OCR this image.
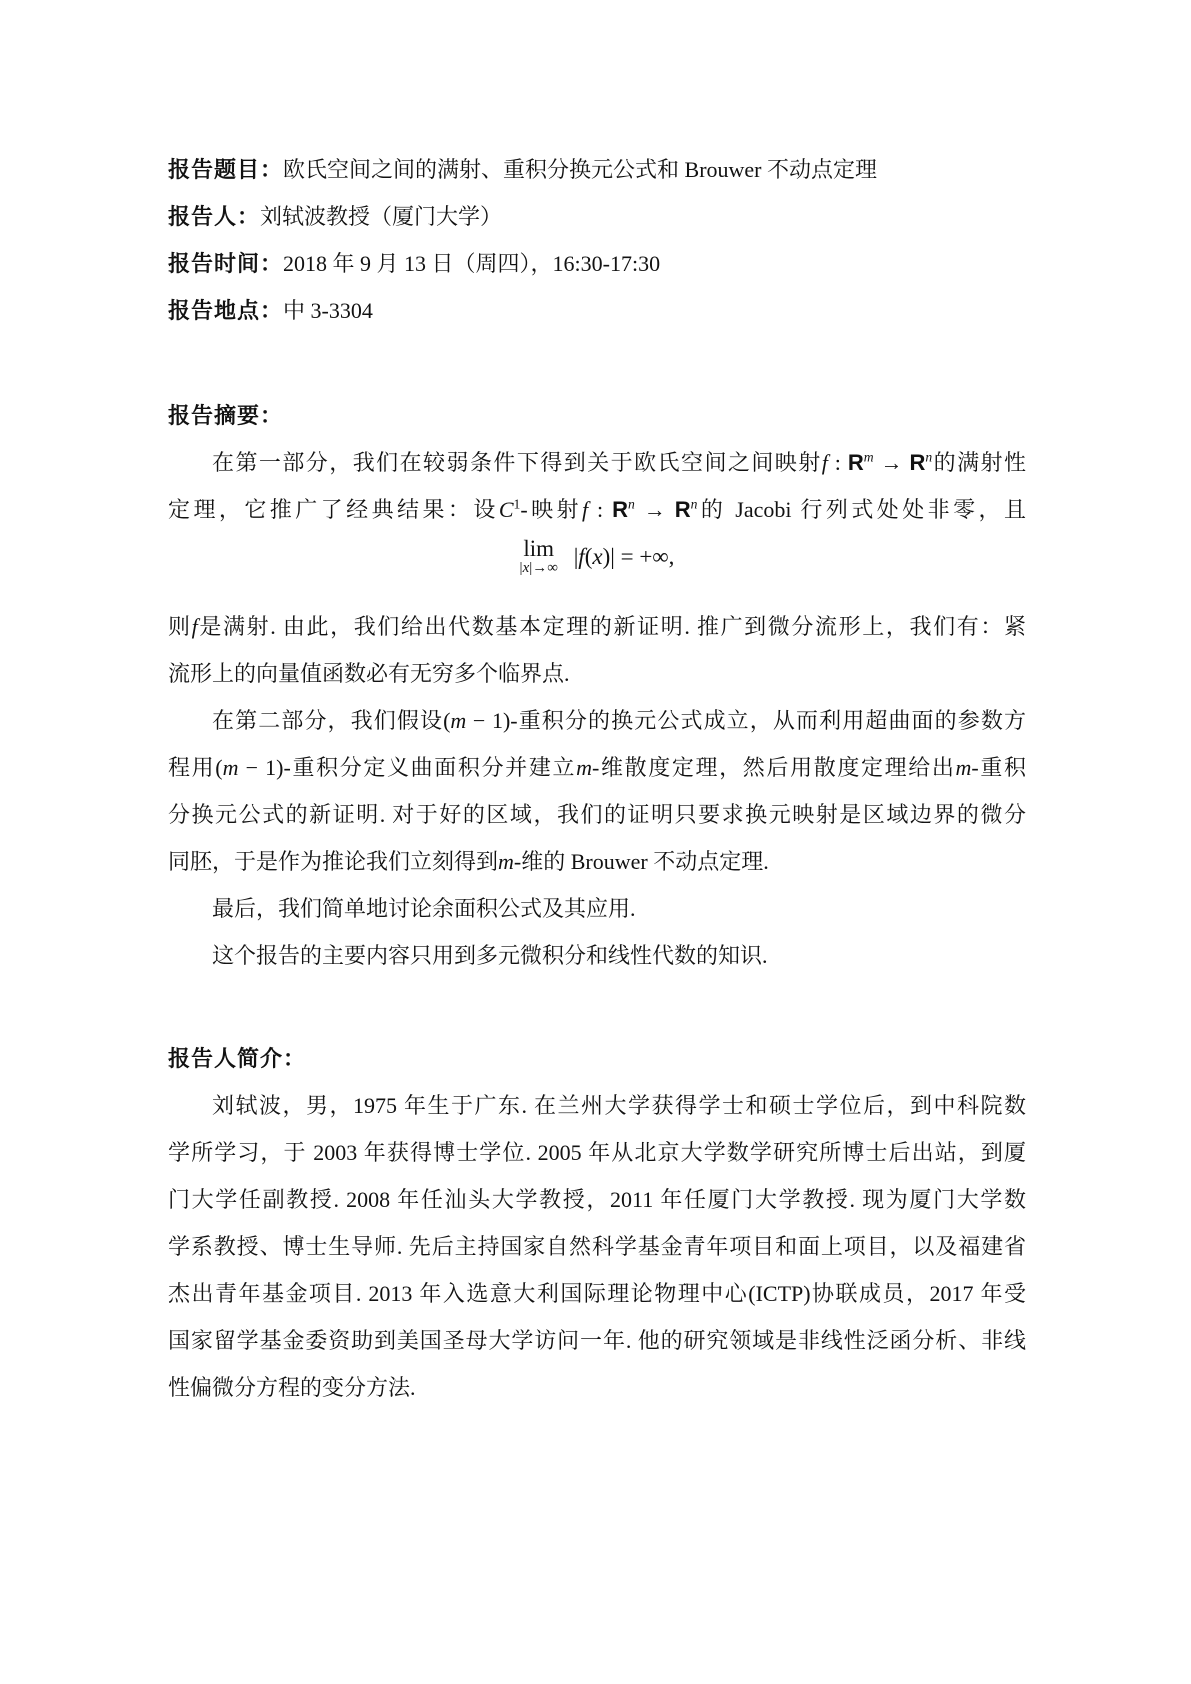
报告题目：欧氏空间之间的满射、重积分换元公式和 Brouwer 不动点定理
报告人：刘轼波教授（厦门大学）
报告时间：2018 年 9 月 13 日（周四），16:30-17:30
报告地点：中 3-3304
报告摘要：
在第一部分，我们在较弱条件下得到关于欧氏空间之间映射f : $R^m \to R^n$的满射性
定理，它推广了经典结果：设$C^1-$映射f : $R^n \to R^n$的 Jacobi 行列式处处非零，且
lim
|x|→∞ |f(x)| = +∞,
则f是满射. 由此，我们给出代数基本定理的新证明. 推广到微分流形上，我们有：紧
流形上的向量值函数必有无穷多个临界点.
在第二部分，我们假设(m − 1)-重积分的换元公式成立，从而利用超曲面的参数方
程用(m − 1)-重积分定义曲面积分并建立m-维散度定理，然后用散度定理给出m-重积
分换元公式的新证明. 对于好的区域，我们的证明只要求换元映射是区域边界的微分
同胚，于是作为推论我们立刻得到m-维的 Brouwer 不动点定理.
最后，我们简单地讨论余面积公式及其应用.
这个报告的主要内容只用到多元微积分和线性代数的知识.
报告人简介：
刘轼波，男，1975 年生于广东. 在兰州大学获得学士和硕士学位后，到中科院数
学所学习，于 2003 年获得博士学位. 2005 年从北京大学数学研究所博士后出站，到厦
门大学任副教授. 2008 年任汕头大学教授，2011 年任厦门大学教授. 现为厦门大学数
学系教授、博士生导师. 先后主持国家自然科学基金青年项目和面上项目，以及福建省
杰出青年基金项目. 2013 年入选意大利国际理论物理中心(ICTP)协联成员，2017 年受
国家留学基金委资助到美国圣母大学访问一年. 他的研究领域是非线性泛函分析、非线
性偏微分方程的变分方法.
